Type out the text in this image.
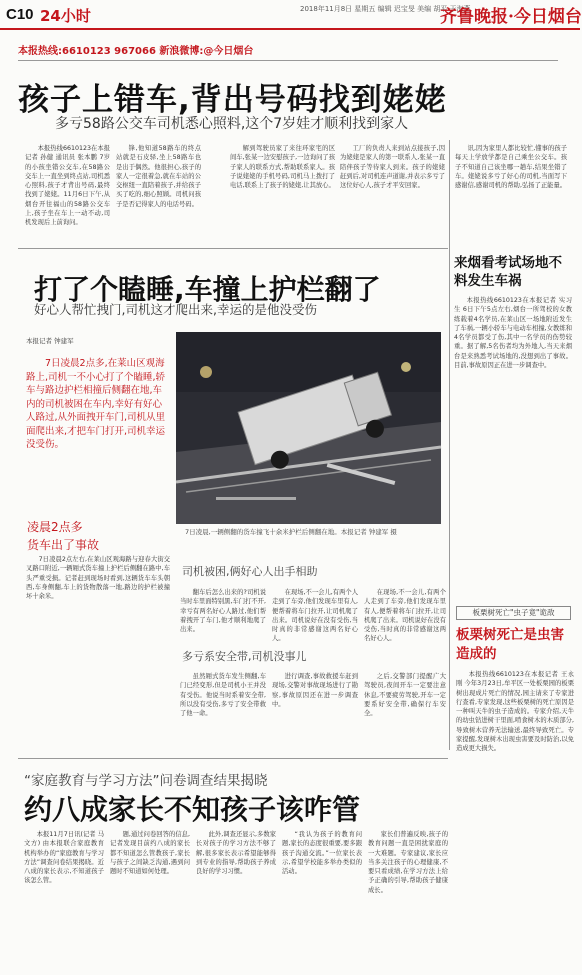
C10 24小时	2018年11月8日 星期五 编辑 迟宝旻 美编 胡平 于海燕
齐鲁晚报·今日烟台
本报热线:6610123 967066 新浪微博:@今日烟台
孩子上错车,背出号码找到姥姥
多亏58路公交车司机悉心照料,这个7岁娃才顺利找到家人
本报热线6610123在本报记者 孙健 通讯员 张本鹏 7岁的小孩坐错公交车,在58路公交车上一直坐到终点站,司机悉心照料,孩子才背出号码,最终找到了姥姥。11月6日下午,从烟台开往福山的58路公交车上,孩子坐在车上一动不动,司机发现后上前询问。
锋,他知道58路车的终点站就是石皮驿,坐上58路车也是出于偶然。他很担心,孩子的家人一定很着急,就在车站的公交枢纽一直陪着孩子,并给孩子买了吃的,细心照顾。司机问孩子是否记得家人的电话号码。
解到驾驶员家了来往环家宅的区间车,张某一边安慰孩子,一边询问了孩子家人的联系方式,帮助联系家人。孩子说姥姥的手机号码,司机马上拨打了电话,联系上了孩子的姥姥,让其放心。
工厂的负责人来到站点接孩子,因为姥姥是家人的第一联系人,张某一直陪伴孩子等待家人到来。孩子的姥姥赶到后,对司机连声道谢,并表示多亏了这位好心人,孩子才平安回家。
讯,因为家里人都比较忙,懂事的孩子每天上学放学都是自己乘坐公交车。孩子不知道自己该坐哪一趟车,结果坐错了车。姥姥说多亏了好心的司机,当面写下感谢信,感谢司机的帮助,弘扬了正能量。
打了个瞌睡,车撞上护栏翻了
好心人帮忙拽门,司机这才爬出来,幸运的是他没受伤
本报记者 钟建军
7日凌晨2点多,在莱山区观海路上,司机一不小心打了个瞌睡,轿车与路边护栏相撞后侧翻在地,车内的司机被困在车内,幸好有好心人路过,从外面拽开车门,司机从里面爬出来,才把车门打开,司机幸运没受伤。
7日凌晨,一辆侧翻的货车撞飞十余米护栏后侧翻在地。本报记者 钟建军 摄
凌晨2点多
货车出了事故
7日凌晨2点左右,在莱山区观海路与迎春大街交叉路口附近,一辆厢式货车撞上护栏后侧翻在路中,车头严重受损。记者赶到现场时看到,这辆货车车头朝西,车身侧翻,车上的货物散落一地,路边的护栏被撞坏十余米。
司机被困,俩好心人出手相助
翻车后怎么出来的?司机说当时车里面特别黑,车门打不开,幸亏有两名好心人路过,他们帮着拽开了车门,他才顺利地爬了出来。
在现场,不一会儿,有两个人走到了车旁,他们发现车里有人,便帮着将车门拉开,让司机爬了出来。司机说好在没有受伤,当时真的非常感谢这两名好心人。
在现场,不一会儿,有两个人走到了车旁,他们发现车里有人,便帮着将车门拉开,让司机爬了出来。司机说好在没有受伤,当时真的非常感谢这两名好心人。
多亏系安全带,司机没事儿
虽然厢式货车发生侧翻,车门已经变形,但是司机小王并没有受伤。他说当时系着安全带,所以没有受伤,多亏了安全带救了他一命。
进行调查,事故救援车赶到现场,交警对事故现场进行了勘察,事故原因还在进一步调查中。
之后,交警部门提醒广大驾驶员,夜间开车一定要注意休息,不要疲劳驾驶,开车一定要系好安全带,确保行车安全。
来烟看考试场地不料发生车祸
本报热线6610123在本报记者 实习生 6日下午5点左右,烟台一所驾校的女教练载着4名学员,在莱山区一场地附近发生了车祸,一辆小轿车与电动车相撞,女教练和4名学员都受了伤,其中一名学员的伤势较重。据了解,5名伤者均为外地人,当天来烟台是来熟悉考试场地的,没想到出了事故。目前,事故原因正在进一步调查中。
板栗树死亡"虫子竟"诡敌
板栗树死亡是虫害造成的
本报热线6610123在本报记者 王永刚 今年3月23日,牟平区一处板栗园的板栗树出现成片死亡的情况,园主请来了专家进行查看,专家发现,这些板栗树的死亡原因是一种叫天牛的虫子造成的。专家介绍,天牛的幼虫钻进树干里面,啃食树木的木质部分,导致树木营养无法输送,最终导致死亡。专家提醒,发现树木出现虫害要及时防治,以免造成更大损失。
“家庭教育与学习方法”问卷调查结果揭晓
约八成家长不知孩子该咋管
本报11月7日讯(记者 马文方) 由本报联合家庭教育机构举办的“家庭教育与学习方法”调查问卷结果揭晓。近八成的家长表示,不知道孩子该怎么管。
题,通过问卷回答的信息,记者发现目前约八成的家长都不知道怎么管教孩子,家长与孩子之间缺乏沟通,遇到问题时不知道如何处理。
此外,调查还显示,多数家长对孩子的学习方法不够了解,很多家长表示希望能够得到专业的指导,帮助孩子养成良好的学习习惯。
“我认为孩子的教育问题,家长的态度很重要,要多跟孩子沟通交流。”一位家长表示,希望学校能多举办类似的活动。
家长们普遍反映,孩子的教育问题一直是困扰家庭的一大难题。专家建议,家长应当多关注孩子的心理健康,不要只看成绩,在学习方法上给予正确的引导,帮助孩子健康成长。
